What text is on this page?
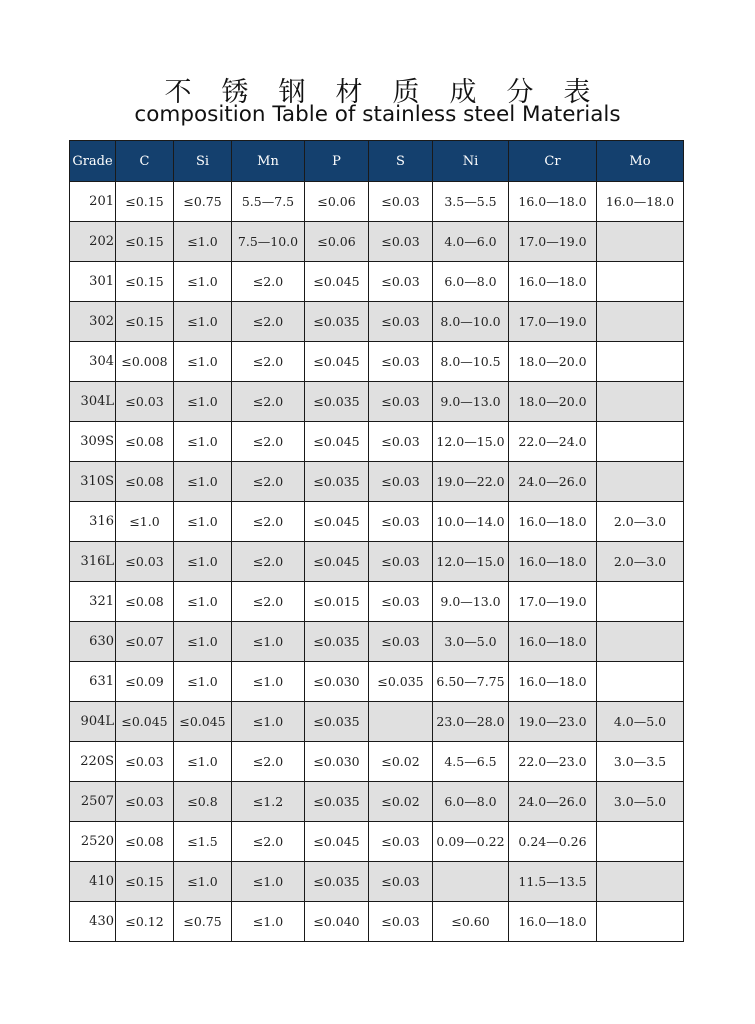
不锈钢材质成分表
composition Table of stainless steel Materials
Grade	C	Si	Mn	P	S	Ni	Cr	Mo
201	≤0.15	≤0.75	5.5—7.5	≤0.06	≤0.03	3.5—5.5	16.0—18.0	16.0—18.0
202	≤0.15	≤1.0	7.5—10.0	≤0.06	≤0.03	4.0—6.0	17.0—19.0	
301	≤0.15	≤1.0	≤2.0	≤0.045	≤0.03	6.0—8.0	16.0—18.0	
302	≤0.15	≤1.0	≤2.0	≤0.035	≤0.03	8.0—10.0	17.0—19.0	
304	≤0.008	≤1.0	≤2.0	≤0.045	≤0.03	8.0—10.5	18.0—20.0	
304L	≤0.03	≤1.0	≤2.0	≤0.035	≤0.03	9.0—13.0	18.0—20.0	
309S	≤0.08	≤1.0	≤2.0	≤0.045	≤0.03	12.0—15.0	22.0—24.0	
310S	≤0.08	≤1.0	≤2.0	≤0.035	≤0.03	19.0—22.0	24.0—26.0	
316	≤1.0	≤1.0	≤2.0	≤0.045	≤0.03	10.0—14.0	16.0—18.0	2.0—3.0
316L	≤0.03	≤1.0	≤2.0	≤0.045	≤0.03	12.0—15.0	16.0—18.0	2.0—3.0
321	≤0.08	≤1.0	≤2.0	≤0.015	≤0.03	9.0—13.0	17.0—19.0	
630	≤0.07	≤1.0	≤1.0	≤0.035	≤0.03	3.0—5.0	16.0—18.0	
631	≤0.09	≤1.0	≤1.0	≤0.030	≤0.035	6.50—7.75	16.0—18.0	
904L	≤0.045	≤0.045	≤1.0	≤0.035		23.0—28.0	19.0—23.0	4.0—5.0
220S	≤0.03	≤1.0	≤2.0	≤0.030	≤0.02	4.5—6.5	22.0—23.0	3.0—3.5
2507	≤0.03	≤0.8	≤1.2	≤0.035	≤0.02	6.0—8.0	24.0—26.0	3.0—5.0
2520	≤0.08	≤1.5	≤2.0	≤0.045	≤0.03	0.09—0.22	0.24—0.26	
410	≤0.15	≤1.0	≤1.0	≤0.035	≤0.03		11.5—13.5	
430	≤0.12	≤0.75	≤1.0	≤0.040	≤0.03	≤0.60	16.0—18.0	
